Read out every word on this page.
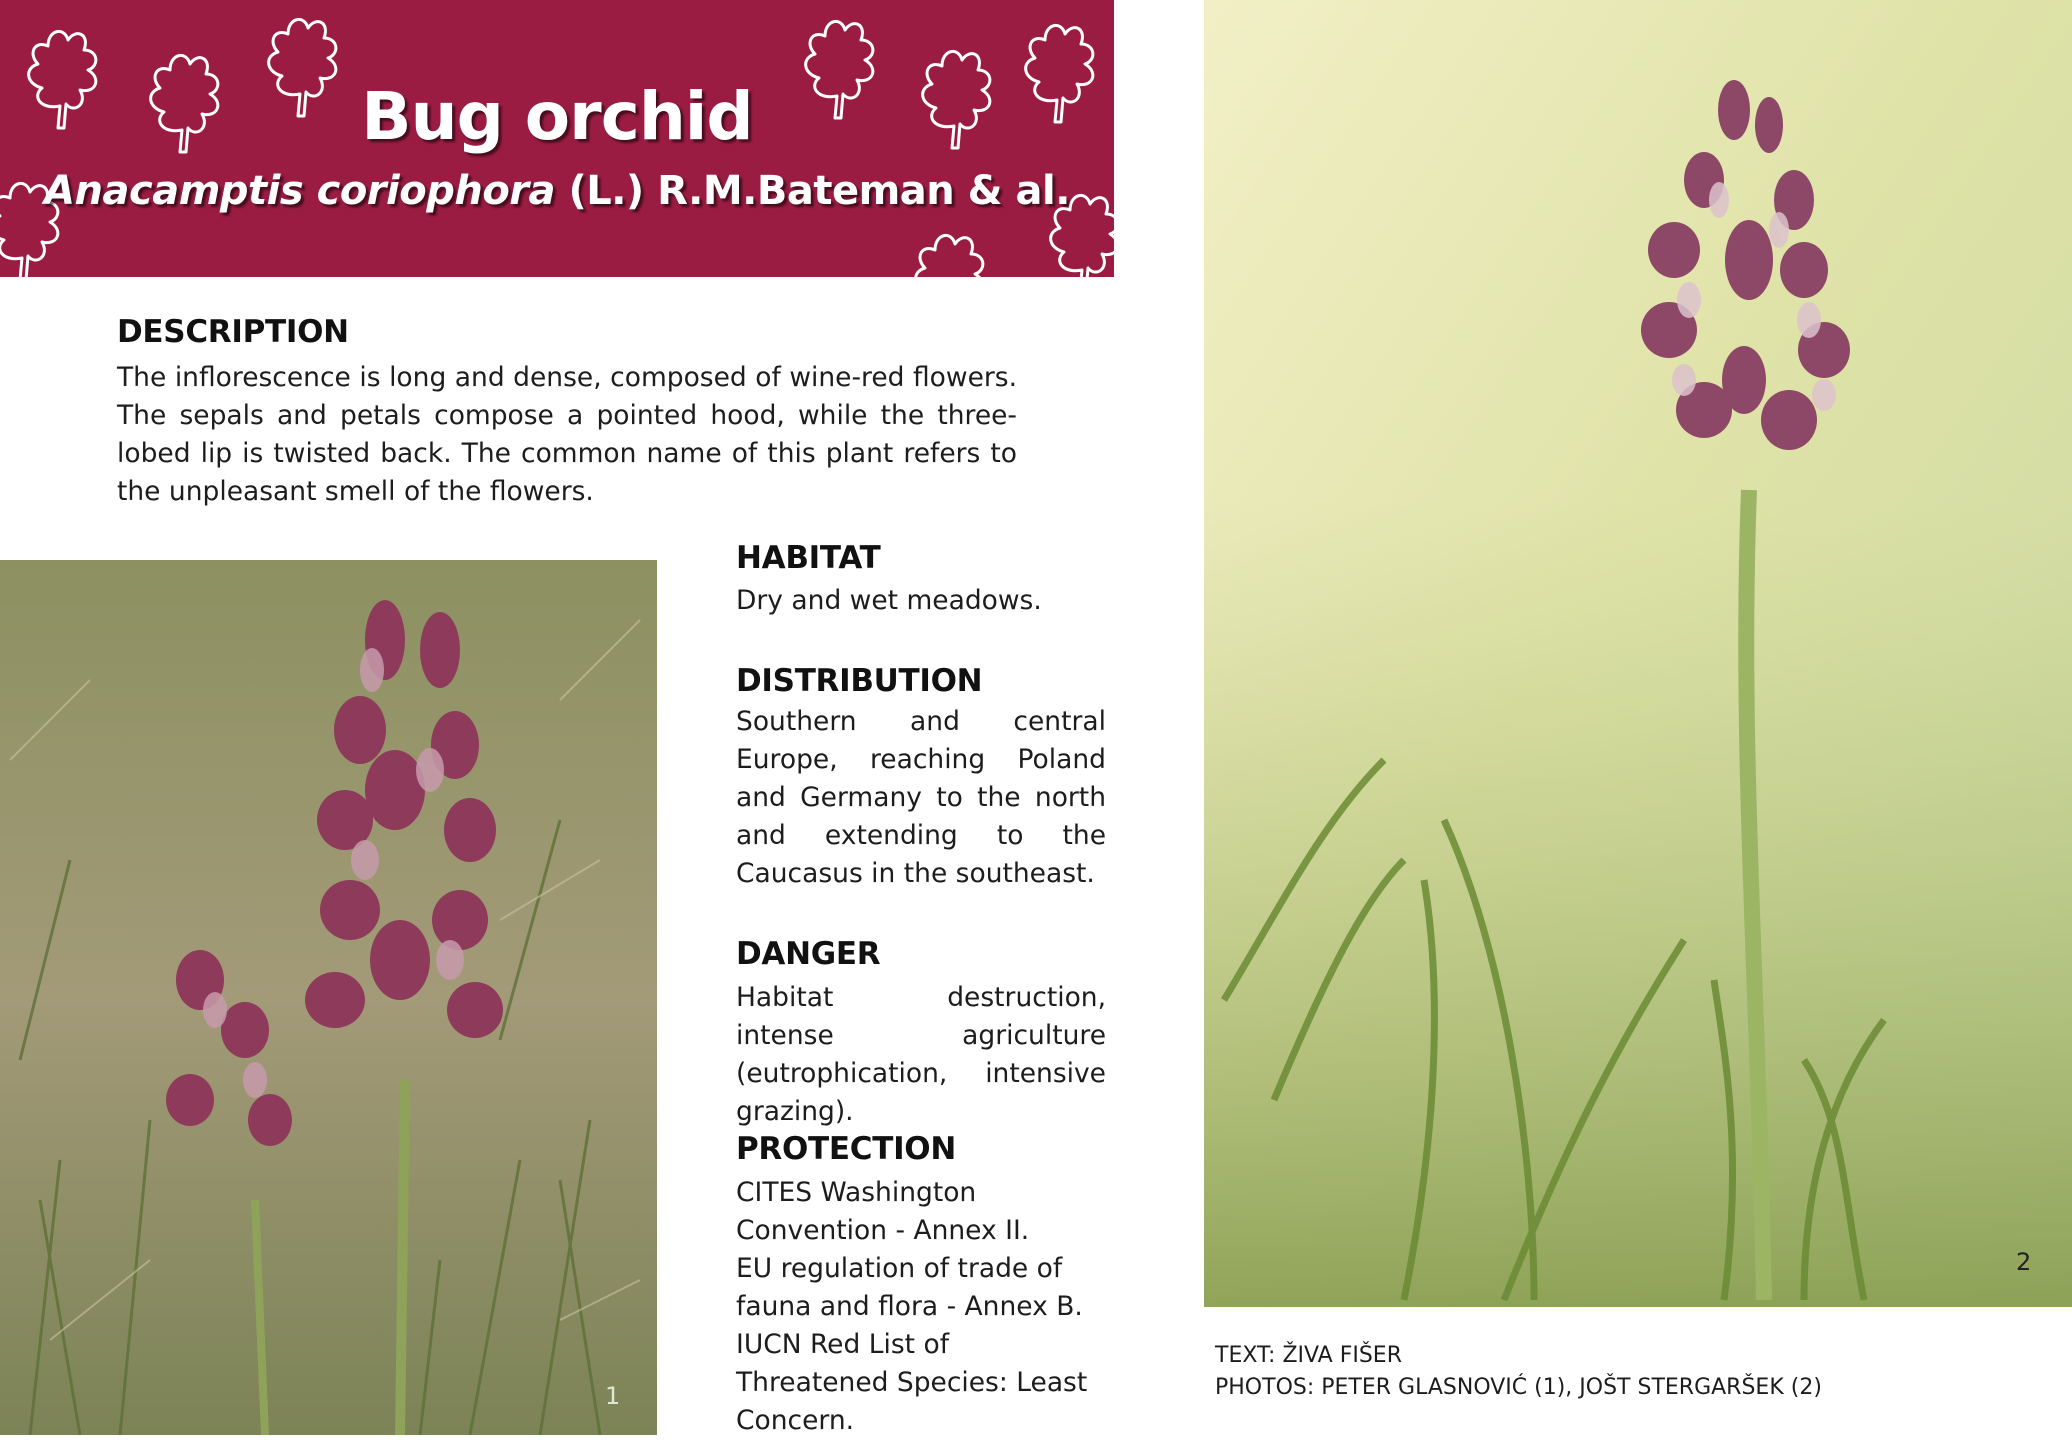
Bug orchid
Anacamptis coriophora (L.) R.M.Bateman & al.
DESCRIPTION
The inflorescence is long and dense, composed of wine-red flowers. The sepals and petals compose a pointed hood, while the three-lobed lip is twisted back. The common name of this plant refers to the unpleasant smell of the flowers.
1
HABITAT
Dry and wet meadows.
DISTRIBUTION
Southern and central Europe, reaching Poland and Germany to the north and extending to the Caucasus in the southeast.
DANGER
Habitat destruction, intense agriculture (eutrophication, intensive grazing).
PROTECTION
CITES Washington Convention - Annex II.
EU regulation of trade of fauna and flora - Annex B.
IUCN Red List of Threatened Species: Least Concern.
2
TEXT: ŽIVA FIŠER
PHOTOS: PETER GLASNOVIĆ (1), JOŠT STERGARŠEK (2)
